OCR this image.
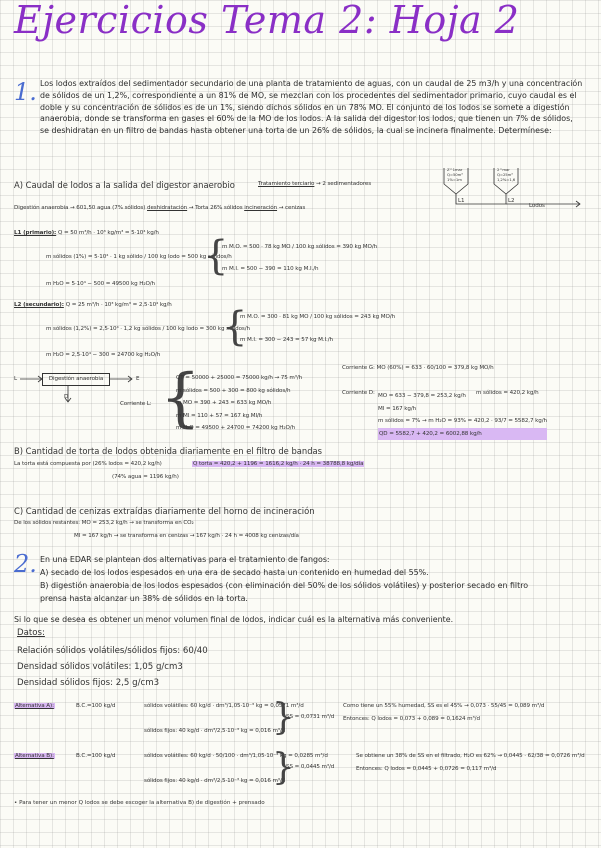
Ejercicios Tema 2: Hoja 2
1. Los lodos extraídos del sedimentador secundario de una planta de tratamiento de aguas, con un caudal de 25 m3/h y una concentración de sólidos de un 1,2%, correspondiente a un 81% de MO, se mezclan con los procedentes del sedimentador primario, cuyo caudal es el doble y su concentración de sólidos es de un 1%, siendo dichos sólidos en un 78% MO. El conjunto de los lodos se somete a digestión anaerobia, donde se transforma en gases el 60% de la MO de los lodos. A la salida del digestor los lodos, que tienen un 7% de sólidos, se deshidratan en un filtro de bandas hasta obtener una torta de un 26% de sólidos, la cual se incinera finalmente. Determínese:
A) Caudal de lodos a la salida del digestor anaerobio
Z^1mar
Q=50m³
1%=1m
2^mar
Q=25m³
1,2%=1,6
L1	L2
Lodos
Tratamiento terciario → 2 sedimentadores
Digestión anaerobia → 601,50 agua (7% sólidos) deshidratación → Torta 26% sólidos incineración → cenizas
L1 (primario): Q = 50 m³/h · 10³ kg/m³ = 5·10⁴ kg/h
m sólidos (1%) = 5·10⁴ · 1 kg sólido / 100 kg lodo = 500 kg sólidos/h
{
m M.O. = 500 · 78 kg MO / 100 kg sólidos = 390 kg MO/h
m M.I. = 500 − 390 = 110 kg M.I./h
m H₂O = 5·10⁴ − 500 = 49500 kg H₂O/h
L2 (secundario): Q = 25 m³/h · 10³ kg/m³ = 2,5·10⁴ kg/h
m sólidos (1,2%) = 2,5·10⁴ · 1,2 kg sólidos / 100 kg lodo = 300 kg sólidos/h
{
m M.O. = 300 · 81 kg MO / 100 kg sólidos = 243 kg MO/h
m M.I. = 300 − 243 = 57 kg M.I./h
m H₂O = 2,5·10⁴ − 300 = 24700 kg H₂O/h
L	Digestión anaerobia	E
D
Corriente L: {
QT = 50000 + 25000 = 75000 kg/h → 75 m³/h
m sólidos = 500 + 300 = 800 kg sólidos/h
m MO = 390 + 243 = 633 kg MO/h
m MI = 110 + 57 = 167 kg MI/h
m H₂O = 49500 + 24700 = 74200 kg H₂O/h
Corriente G: MO (60%) = 633 · 60/100 = 379,8 kg MO/h
Corriente D: MO = 633 − 379,8 = 253,2 kg/h
MI = 167 kg/h
m sólidos = 7% → m H₂O = 93% = 420,2 · 93/7 = 5582,7 kg/h
QD = 5582,7 + 420,2 = 6002,88 kg/h
m sólidos = 420,2 kg/h
B) Cantidad de torta de lodos obtenida diariamente en el filtro de bandas
La torta está compuesta por (26% lodos = 420,2 kg/h)
(74% agua = 1196 kg/h)
Q torta = 420,2 + 1196 = 1616,2 kg/h · 24 h = 38788,8 kg/día
C) Cantidad de cenizas extraídas diariamente del horno de incineración
De los sólidos restantes: MO = 253,2 kg/h → se transforma en CO₂
MI = 167 kg/h → se transforma en cenizas → 167 kg/h · 24 h = 4008 kg cenizas/día
2. En una EDAR se plantean dos alternativas para el tratamiento de fangos:
A) secado de los lodos espesados en una era de secado hasta un contenido en humedad del 55%.
B) digestión anaerobia de los lodos espesados (con eliminación del 50% de los sólidos volátiles) y posterior secado en filtro
prensa hasta alcanzar un 38% de sólidos en la torta.
Si lo que se desea es obtener un menor volumen final de lodos, indicar cuál es la alternativa más conveniente.
Datos:
Relación sólidos volátiles/sólidos fijos: 60/40
Densidad sólidos volátiles: 1,05 g/cm3
Densidad sólidos fijos: 2,5 g/cm3
Alternativa A):	B.C.=100 kg/d	sólidos volátiles: 60 kg/d · dm³/1,05·10⁻³ kg = 0,0571 m³/d
sólidos fijos: 40 kg/d · dm³/2,5·10⁻³ kg = 0,016 m³/d
}
SS = 0,0731 m³/d
Como tiene un 55% humedad, SS es el 45% → 0,073 · 55/45 = 0,089 m³/d
Entonces: Q lodos = 0,073 + 0,089 = 0,1624 m³/d
Alternativa B):	B.C.=100 kg/d	sólidos volátiles: 60 kg/d · 50/100 · dm³/1,05·10⁻³ kg = 0,0285 m³/d
sólidos fijos: 40 kg/d · dm³/2,5·10⁻³ kg = 0,016 m³/d
}
SS = 0,0445 m³/d
Se obtiene un 38% de SS en el filtrado, H₂O es 62% → 0,0445 · 62/38 = 0,0726 m³/d
Entonces: Q lodos = 0,0445 + 0,0726 = 0,117 m³/d
• Para tener un menor Q lodos se debe escoger la alternativa B) de digestión + prensado
